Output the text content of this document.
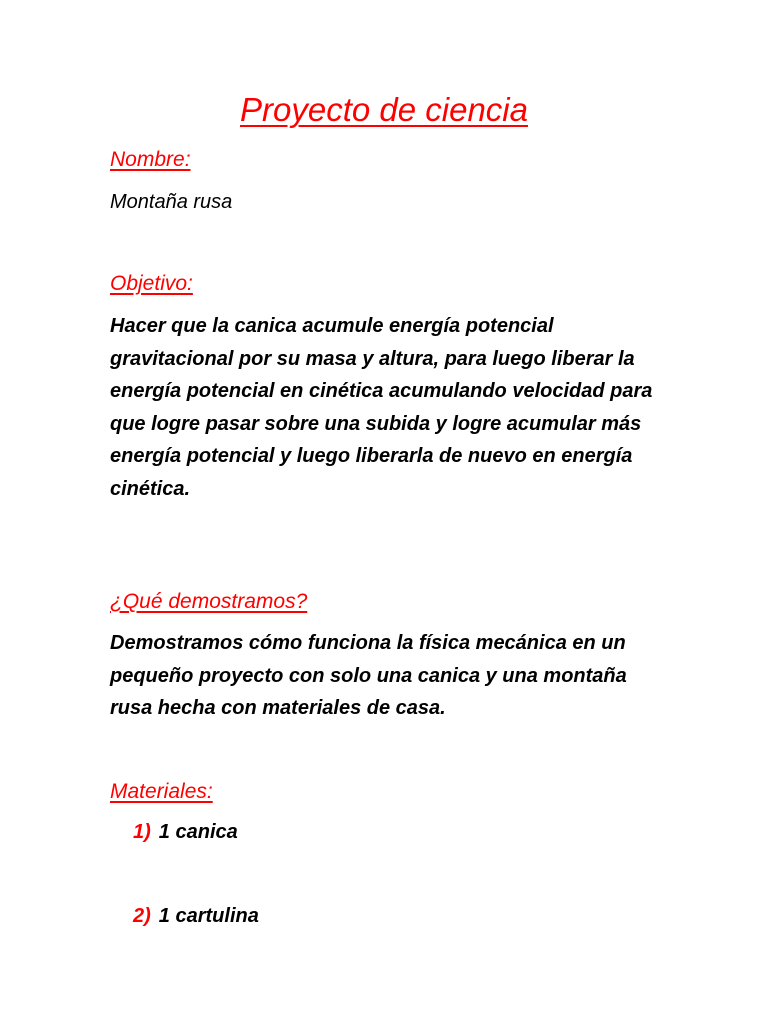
Proyecto de ciencia
Nombre:

Montaña rusa

Objetivo:

Hacer que la canica acumule energía potencial gravitacional por su masa y altura, para luego liberar la energía potencial en cinética acumulando velocidad para que logre pasar sobre una subida y logre acumular más energía potencial y luego liberarla de nuevo en energía cinética.

¿Qué demostramos?

Demostramos cómo funciona la física mecánica en un pequeño proyecto con solo una canica y una montaña rusa hecha con materiales de casa.

Materiales:
1) 1 canica
2) 1 cartulina
